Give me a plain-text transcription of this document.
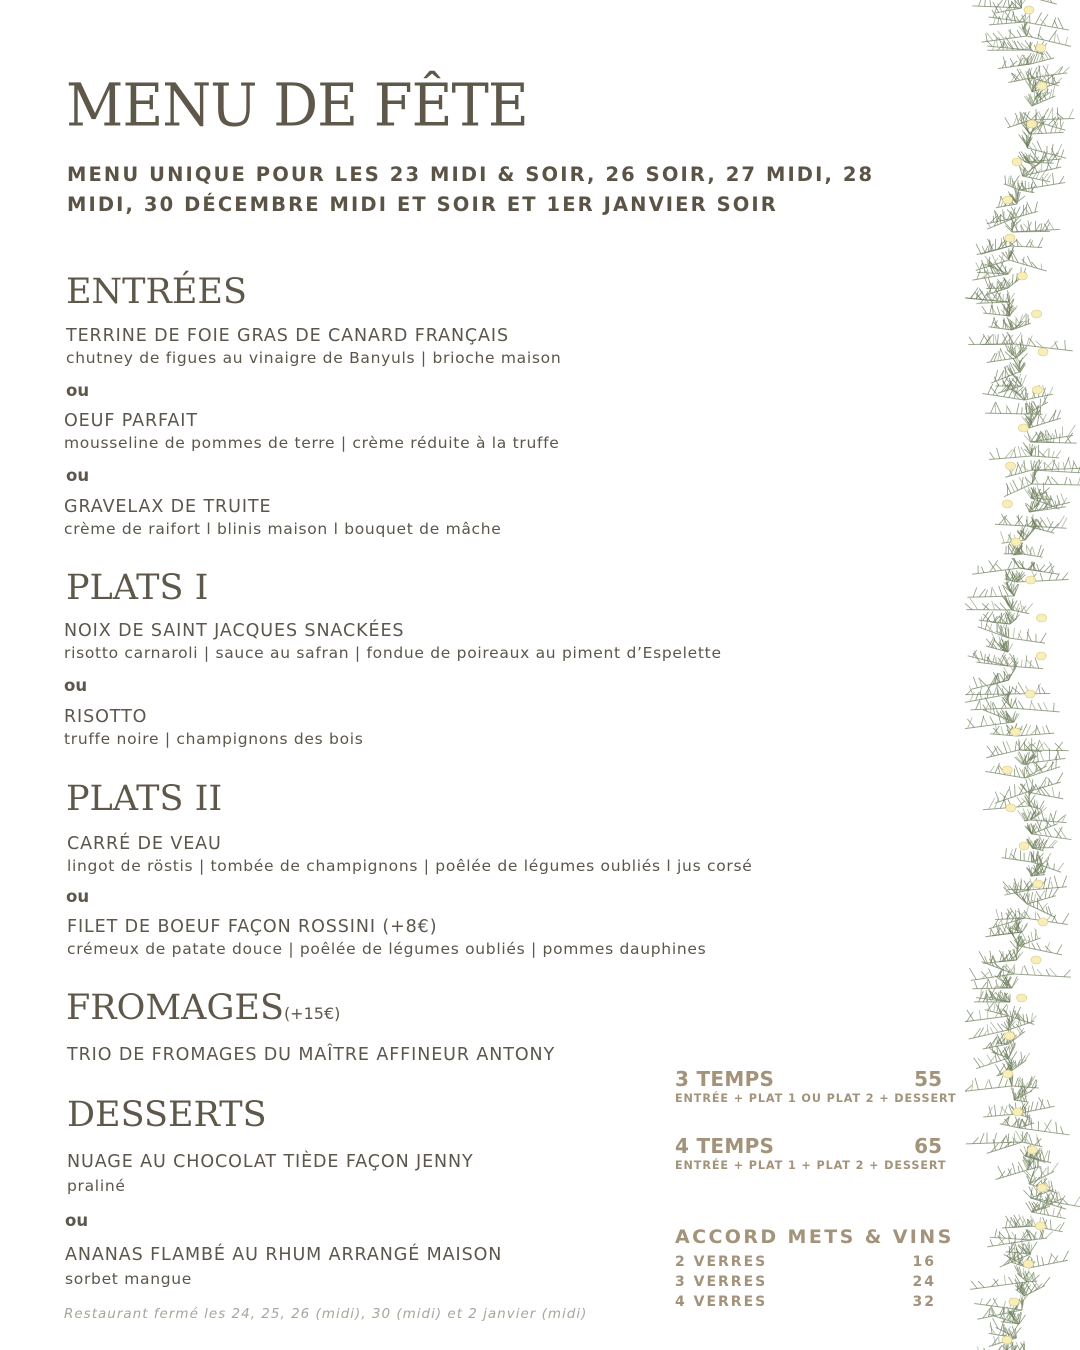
MENU DE FÊTE
MENU UNIQUE POUR LES 23 MIDI & SOIR, 26 SOIR, 27 MIDI, 28 MIDI, 30 DÉCEMBRE MIDI ET SOIR ET 1ER JANVIER SOIR
ENTRÉES
TERRINE DE FOIE GRAS DE CANARD FRANÇAIS
chutney de figues au vinaigre de Banyuls | brioche maison
ou
OEUF PARFAIT
mousseline de pommes de terre | crème réduite à la truffe
ou
GRAVELAX DE TRUITE
crème de raifort l blinis maison l bouquet de mâche
PLATS I
NOIX DE SAINT JACQUES SNACKÉES
risotto carnaroli | sauce au safran | fondue de poireaux au piment d’Espelette
ou
RISOTTO
truffe noire | champignons des bois
PLATS II
CARRÉ DE VEAU
lingot de röstis | tombée de champignons | poêlée de légumes oubliés l jus corsé
ou
FILET DE BOEUF FAÇON ROSSINI (+8€)
crémeux de patate douce | poêlée de légumes oubliés | pommes dauphines
FROMAGES(+15€)
TRIO DE FROMAGES DU MAÎTRE AFFINEUR ANTONY
DESSERTS
NUAGE AU CHOCOLAT TIÈDE FAÇON JENNY
praliné
ou
ANANAS FLAMBÉ AU RHUM ARRANGÉ MAISON
sorbet mangue
Restaurant fermé les 24, 25, 26 (midi), 30 (midi) et 2 janvier (midi)
3 TEMPS	55
ENTRÉE + PLAT 1 OU PLAT 2 + DESSERT
4 TEMPS	65
ENTRÉE + PLAT 1 + PLAT 2 + DESSERT
ACCORD METS & VINS
2 VERRES	16
3 VERRES	24
4 VERRES	32
